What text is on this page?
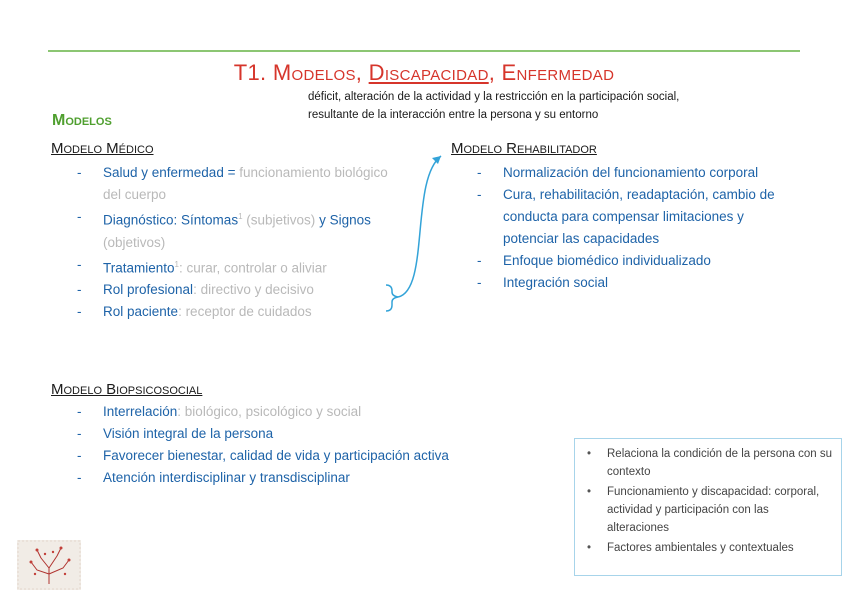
T1. Modelos, Discapacidad, Enfermedad
déficit, alteración de la actividad y la restricción en la participación social,
resultante de la interacción entre la persona y su entorno
Modelos
Modelo Médico
- Salud y enfermedad = funcionamiento biológico del cuerpo
- Diagnóstico: Síntomas$^1$ (subjetivos) y Signos (objetivos)
- Tratamiento$^1$: curar, controlar o aliviar
- Rol profesional: directivo y decisivo
- Rol paciente: receptor de cuidados
Modelo Rehabilitador
- Normalización del funcionamiento corporal
- Cura, rehabilitación, readaptación, cambio de conducta para compensar limitaciones y potenciar las capacidades
- Enfoque biomédico individualizado
- Integración social
Modelo Biopsicosocial
- Interrelación: biológico, psicológico y social
- Visión integral de la persona
- Favorecer bienestar, calidad de vida y participación activa
- Atención interdisciplinar y transdisciplinar
• Relaciona la condición de la persona con su contexto
• Funcionamiento y discapacidad: corporal, actividad y participación con las alteraciones
• Factores ambientales y contextuales
